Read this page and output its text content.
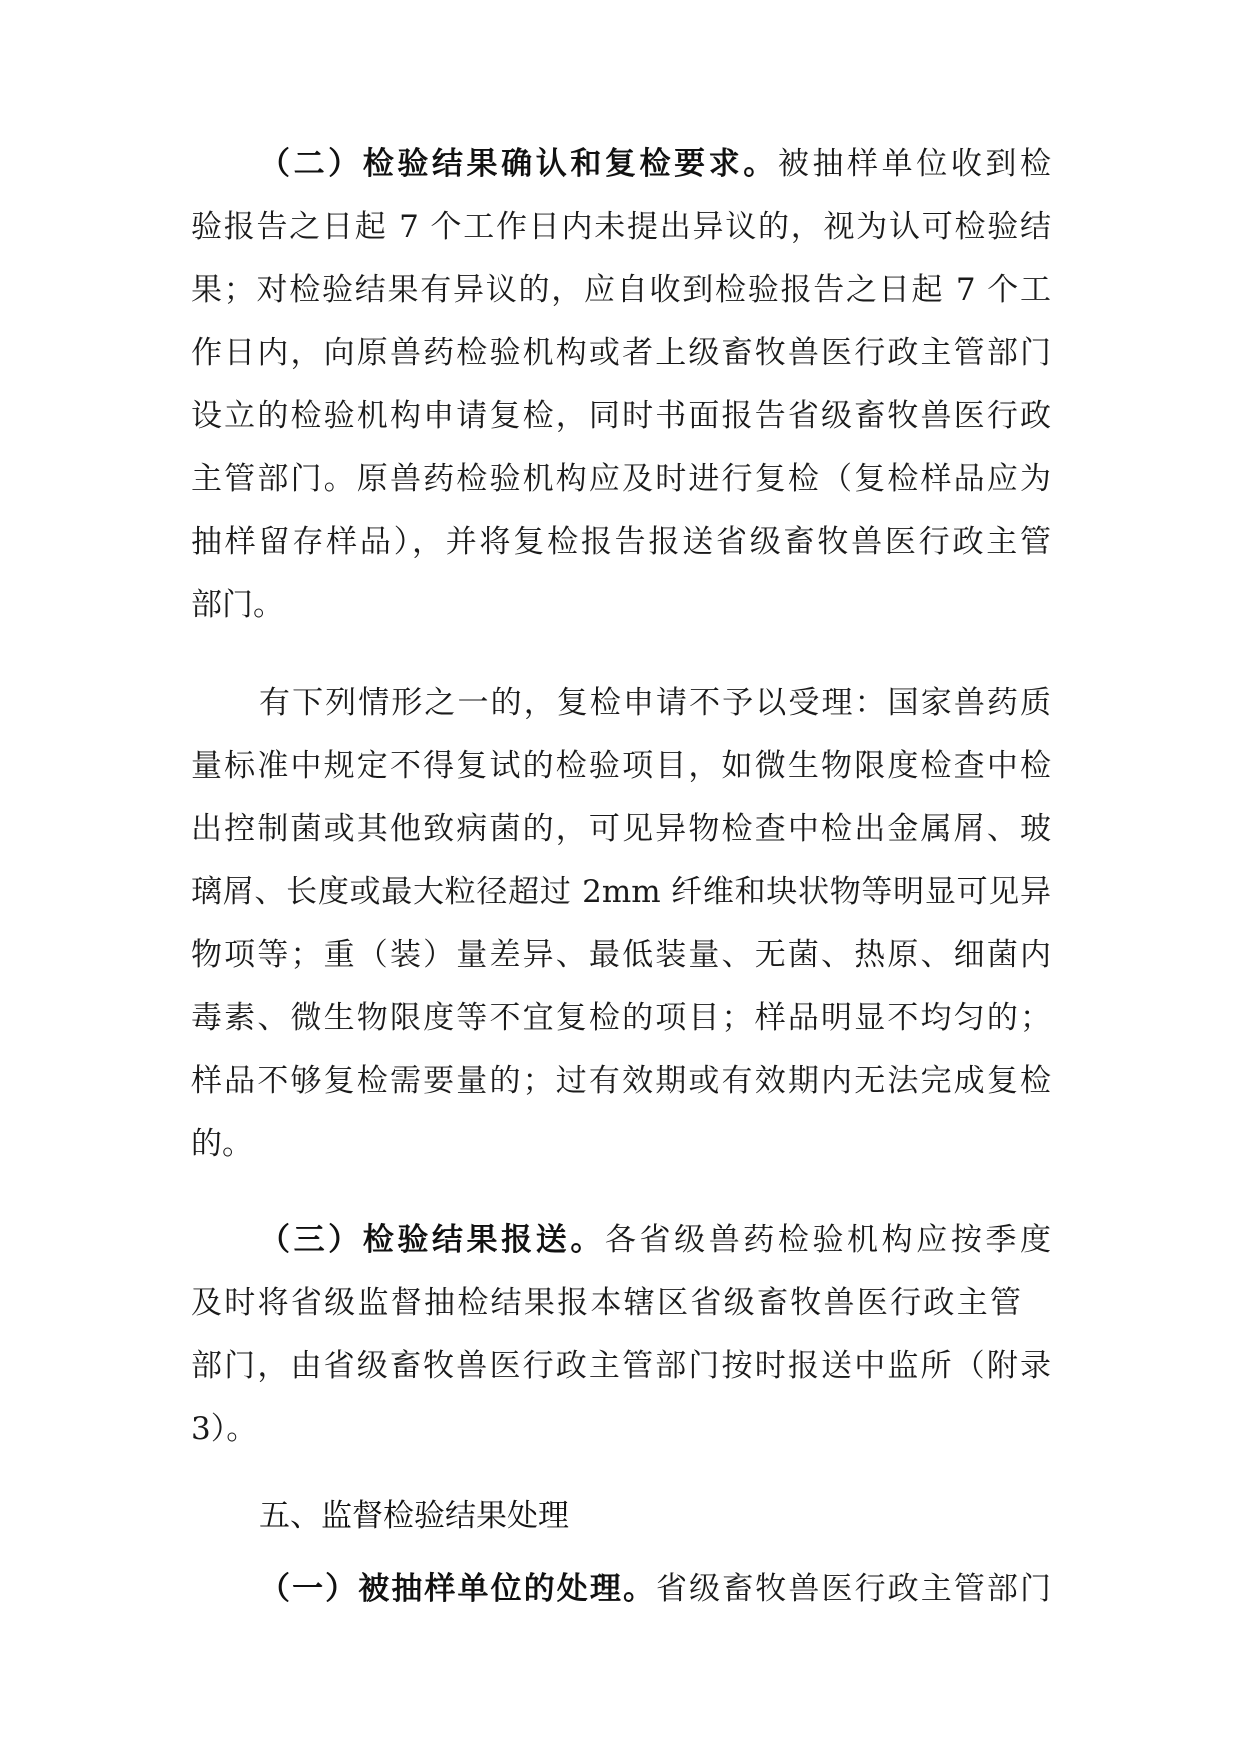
（二）检验结果确认和复检要求。被抽样单位收到检

验报告之日起 7 个工作日内未提出异议的，视为认可检验结

果；对检验结果有异议的，应自收到检验报告之日起 7 个工

作日内，向原兽药检验机构或者上级畜牧兽医行政主管部门

设立的检验机构申请复检，同时书面报告省级畜牧兽医行政

主管部门。原兽药检验机构应及时进行复检（复检样品应为

抽样留存样品），并将复检报告报送省级畜牧兽医行政主管

部门。

有下列情形之一的，复检申请不予以受理：国家兽药质

量标准中规定不得复试的检验项目，如微生物限度检查中检

出控制菌或其他致病菌的，可见异物检查中检出金属屑、玻

璃屑、长度或最大粒径超过 2mm 纤维和块状物等明显可见异

物项等；重（装）量差异、最低装量、无菌、热原、细菌内

毒素、微生物限度等不宜复检的项目；样品明显不均匀的；

样品不够复检需要量的；过有效期或有效期内无法完成复检

的。

（三）检验结果报送。各省级兽药检验机构应按季度

及时将省级监督抽检结果报本辖区省级畜牧兽医行政主管

部门，由省级畜牧兽医行政主管部门按时报送中监所（附录

3）。

五、监督检验结果处理

（一）被抽样单位的处理。省级畜牧兽医行政主管部门
